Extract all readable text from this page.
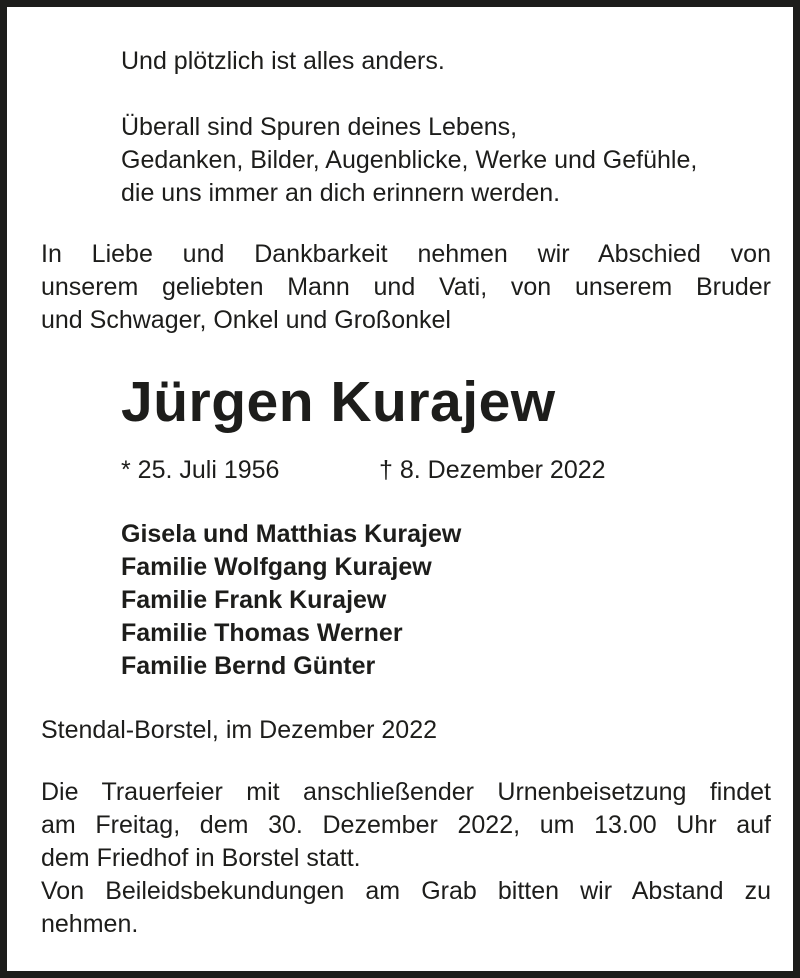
Und plötzlich ist alles anders.

Überall sind Spuren deines Lebens,

Gedanken, Bilder, Augenblicke, Werke und Gefühle,

die uns immer an dich erinnern werden.

In Liebe und Dankbarkeit nehmen wir Abschied von

unserem geliebten Mann und Vati, von unserem Bruder

und Schwager, Onkel und Großonkel

Jürgen Kurajew

* 25. Juli 1956	† 8. Dezember 2022

Gisela und Matthias Kurajew

Familie Wolfgang Kurajew

Familie Frank Kurajew

Familie Thomas Werner

Familie Bernd Günter

Stendal-Borstel, im Dezember 2022

Die Trauerfeier mit anschließender Urnenbeisetzung findet

am Freitag, dem 30. Dezember 2022, um 13.00 Uhr auf

dem Friedhof in Borstel statt.

Von Beileidsbekundungen am Grab bitten wir Abstand zu

nehmen.
